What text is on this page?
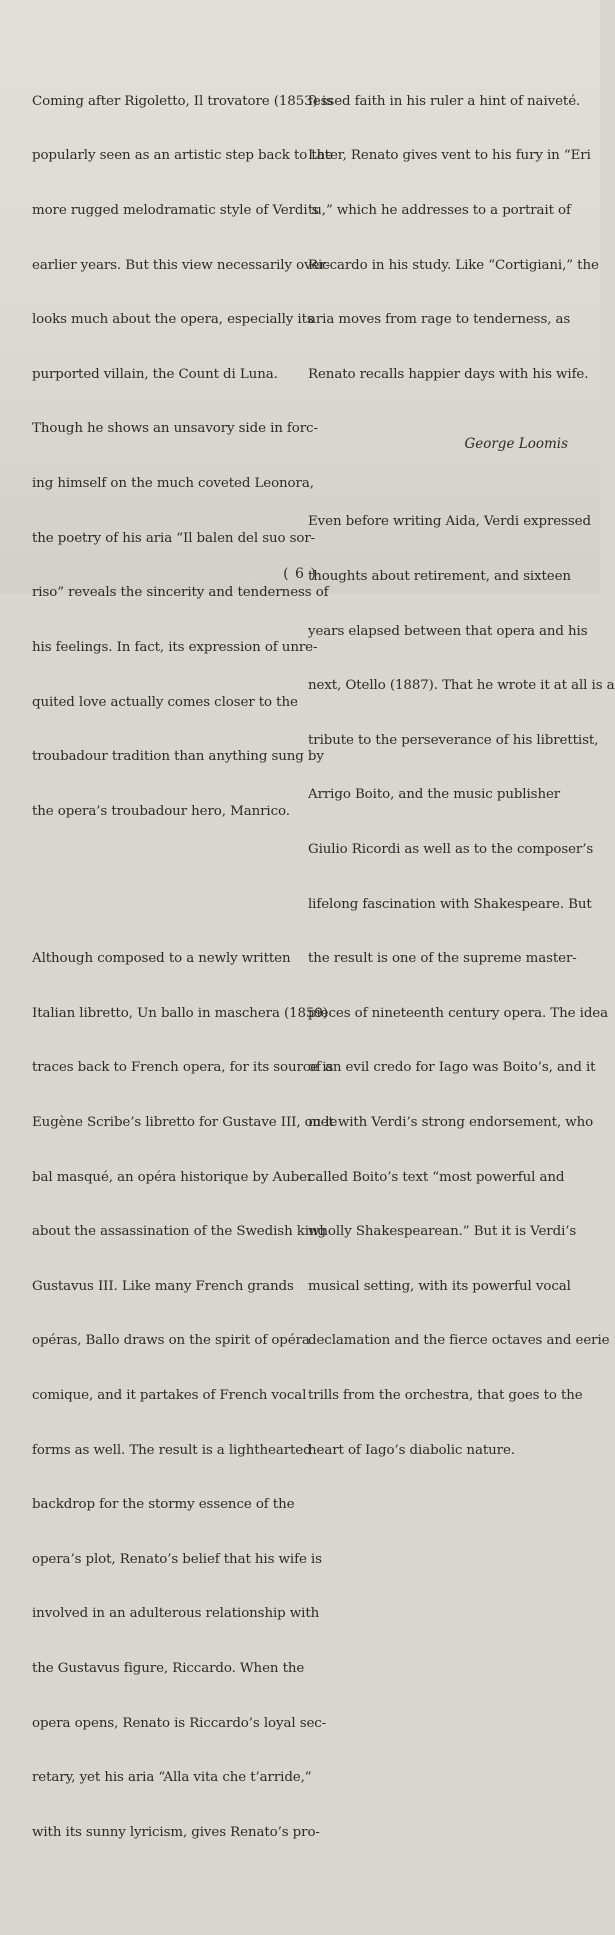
Coming after Rigoletto, Il trovatore (1853) is

popularly seen as an artistic step back to the

more rugged melodramatic style of Verdi’s

earlier years. But this view necessarily over-

looks much about the opera, especially its

purported villain, the Count di Luna.

Though he shows an unsavory side in forc-

ing himself on the much coveted Leonora,

the poetry of his aria “Il balen del suo sor-

riso” reveals the sincerity and tenderness of

his feelings. In fact, its expression of unre-

quited love actually comes closer to the

troubadour tradition than anything sung by

the opera’s troubadour hero, Manrico.

Although composed to a newly written

Italian libretto, Un ballo in maschera (1859)

traces back to French opera, for its source is

Eugène Scribe’s libretto for Gustave III, ou le

bal masqué, an opéra historique by Auber

about the assassination of the Swedish king

Gustavus III. Like many French grands

opéras, Ballo draws on the spirit of opéra

comique, and it partakes of French vocal

forms as well. The result is a lighthearted

backdrop for the stormy essence of the

opera’s plot, Renato’s belief that his wife is

involved in an adulterous relationship with

the Gustavus figure, Riccardo. When the

opera opens, Renato is Riccardo’s loyal sec-

retary, yet his aria “Alla vita che t’arride,”

with its sunny lyricism, gives Renato’s pro-

fessed faith in his ruler a hint of naiveté.

Later, Renato gives vent to his fury in “Eri

tu,” which he addresses to a portrait of

Riccardo in his study. Like “Cortigiani,” the

aria moves from rage to tenderness, as

Renato recalls happier days with his wife.

Even before writing Aida, Verdi expressed

thoughts about retirement, and sixteen

years elapsed between that opera and his

next, Otello (1887). That he wrote it at all is a

tribute to the perseverance of his librettist,

Arrigo Boito, and the music publisher

Giulio Ricordi as well as to the composer’s

lifelong fascination with Shakespeare. But

the result is one of the supreme master-

pieces of nineteenth century opera. The idea

of an evil credo for Iago was Boito’s, and it

met with Verdi’s strong endorsement, who

called Boito’s text “most powerful and

wholly Shakespearean.” But it is Verdi’s

musical setting, with its powerful vocal

declamation and the fierce octaves and eerie

trills from the orchestra, that goes to the

heart of Iago’s diabolic nature.

George Loomis
( 6 )
